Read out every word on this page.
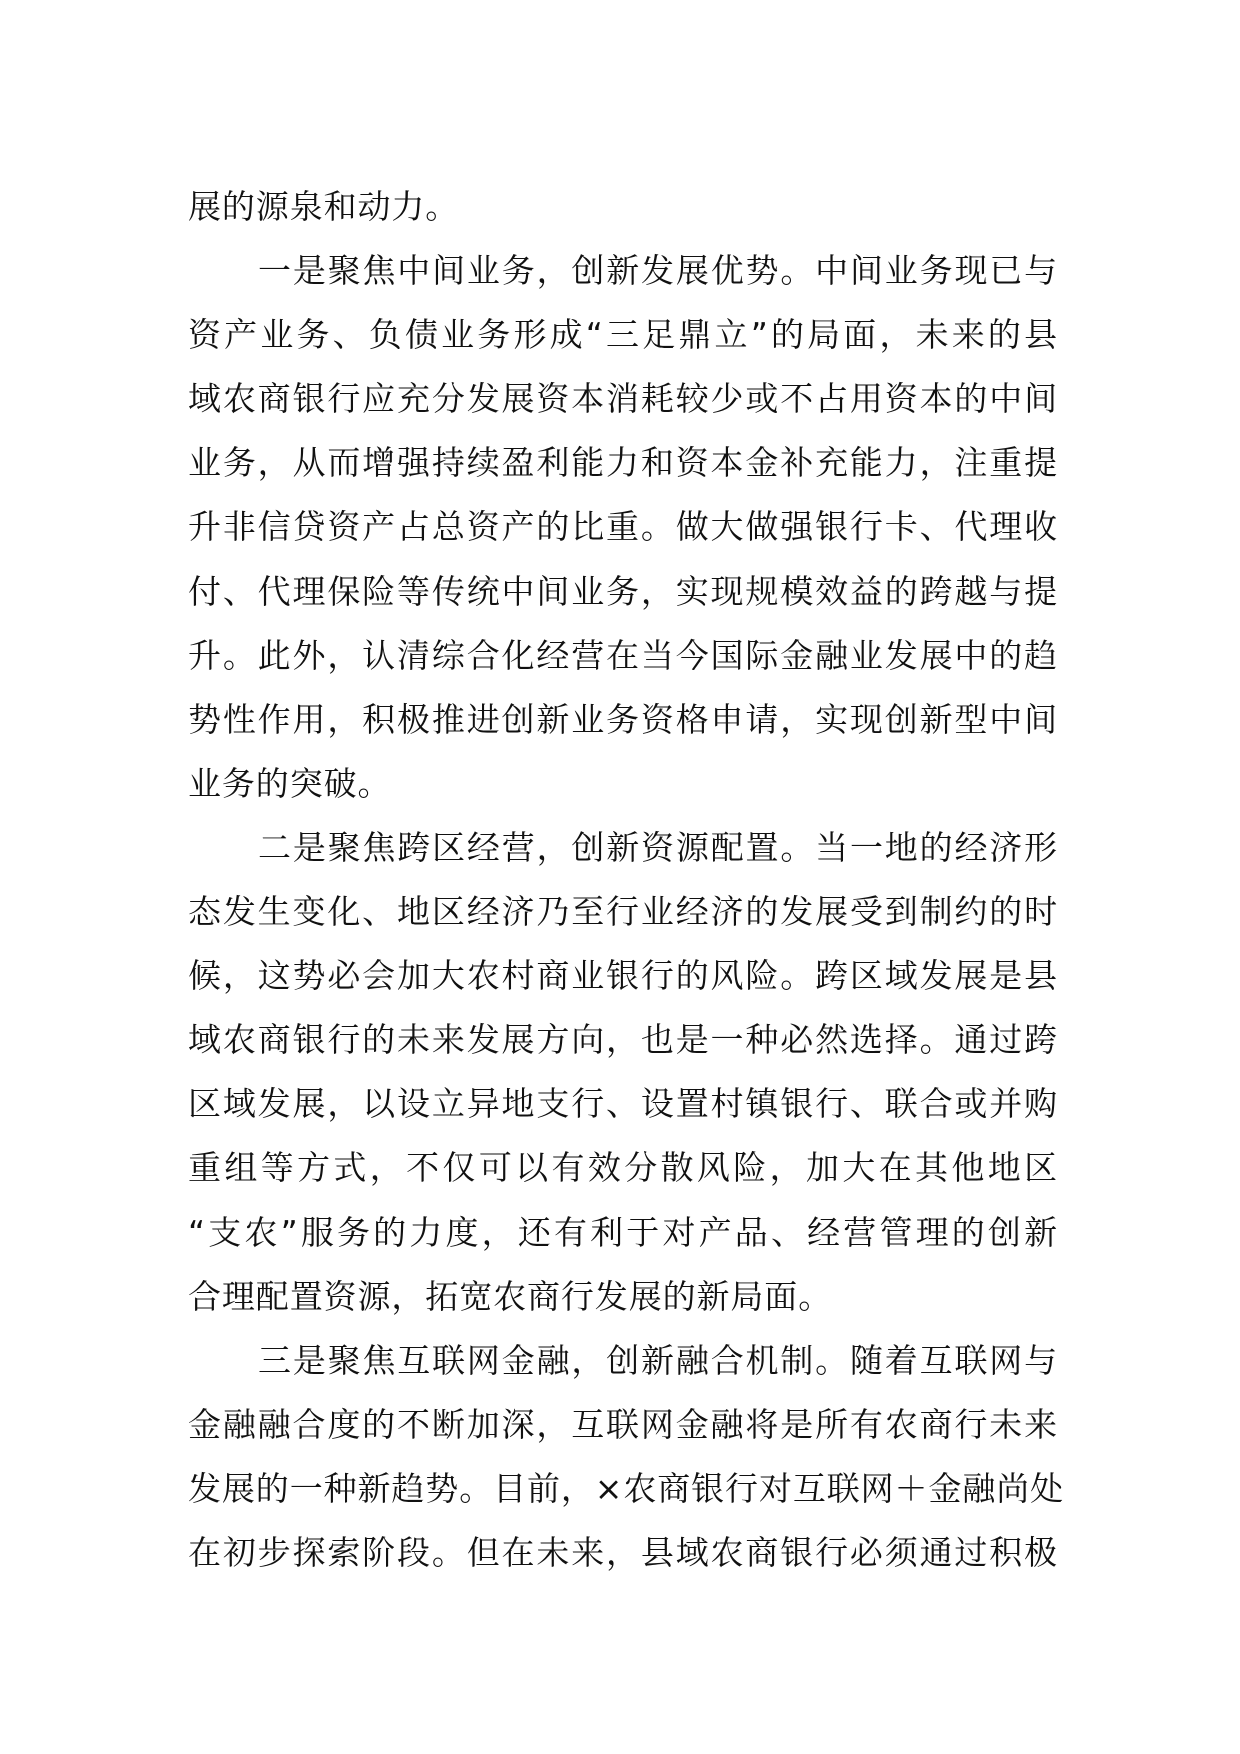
展的源泉和动力。
一是聚焦中间业务，创新发展优势。中间业务现已与
资产业务、负债业务形成“三足鼎立”的局面，未来的县
域农商银行应充分发展资本消耗较少或不占用资本的中间
业务，从而增强持续盈利能力和资本金补充能力，注重提
升非信贷资产占总资产的比重。做大做强银行卡、代理收
付、代理保险等传统中间业务，实现规模效益的跨越与提
升。此外，认清综合化经营在当今国际金融业发展中的趋
势性作用，积极推进创新业务资格申请，实现创新型中间
业务的突破。
二是聚焦跨区经营，创新资源配置。当一地的经济形
态发生变化、地区经济乃至行业经济的发展受到制约的时
候，这势必会加大农村商业银行的风险。跨区域发展是县
域农商银行的未来发展方向，也是一种必然选择。通过跨
区域发展，以设立异地支行、设置村镇银行、联合或并购
重组等方式，不仅可以有效分散风险，加大在其他地区
“支农”服务的力度，还有利于对产品、经营管理的创新
合理配置资源，拓宽农商行发展的新局面。
三是聚焦互联网金融，创新融合机制。随着互联网与
金融融合度的不断加深，互联网金融将是所有农商行未来
发展的一种新趋势。目前，×农商银行对互联网＋金融尚处
在初步探索阶段。但在未来，县域农商银行必须通过积极
